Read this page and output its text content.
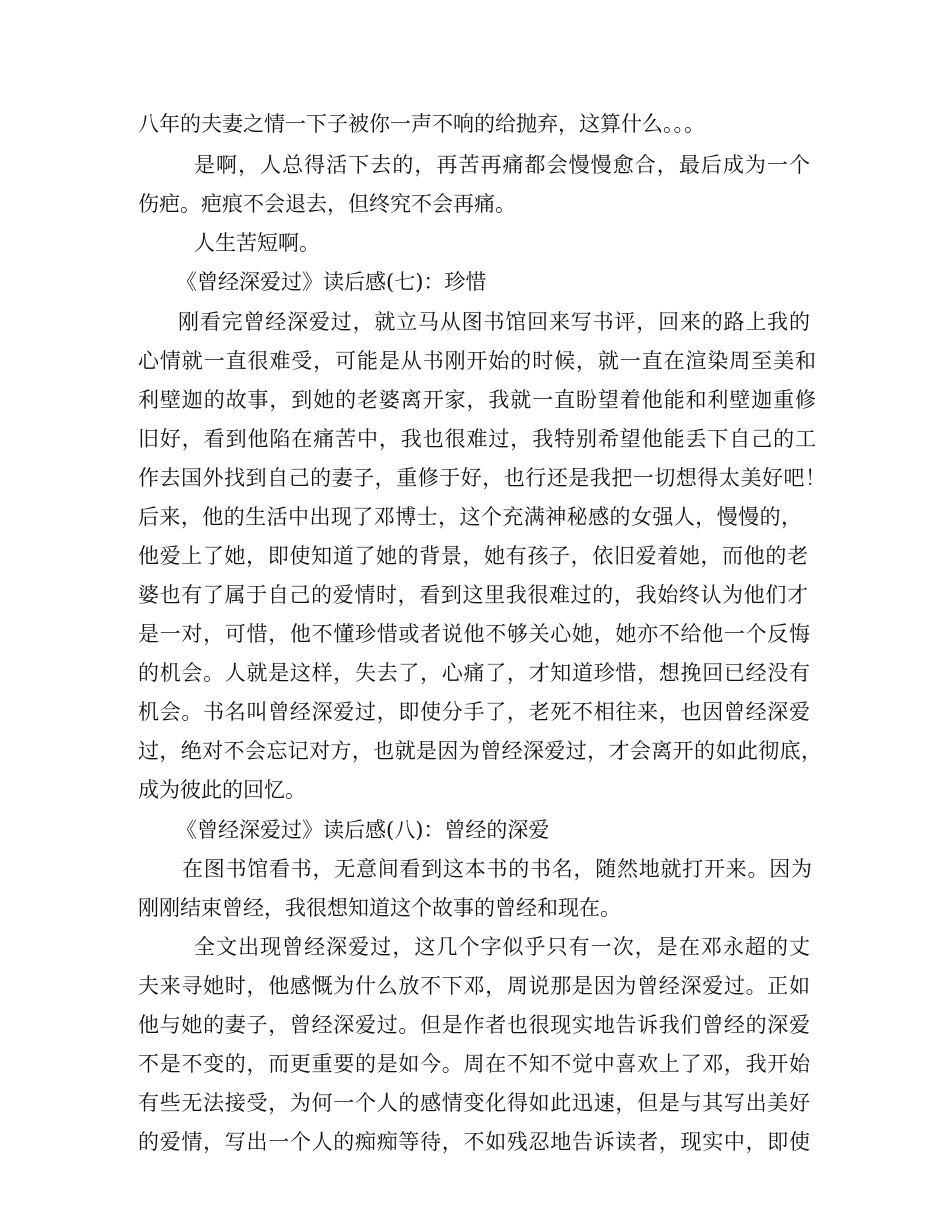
八年的夫妻之情一下子被你一声不响的给抛弃，这算什么。。。
是啊，人总得活下去的，再苦再痛都会慢慢愈合，最后成为一个
伤疤。疤痕不会退去，但终究不会再痛。
人生苦短啊。
《曾经深爱过》读后感(七)：珍惜
刚看完曾经深爱过，就立马从图书馆回来写书评，回来的路上我的
心情就一直很难受，可能是从书刚开始的时候，就一直在渲染周至美和
利壁迦的故事，到她的老婆离开家，我就一直盼望着他能和利壁迦重修
旧好，看到他陷在痛苦中，我也很难过，我特别希望他能丢下自己的工
作去国外找到自己的妻子，重修于好，也行还是我把一切想得太美好吧！
后来，他的生活中出现了邓博士，这个充满神秘感的女强人，慢慢的，
他爱上了她，即使知道了她的背景，她有孩子，依旧爱着她，而他的老
婆也有了属于自己的爱情时，看到这里我很难过的，我始终认为他们才
是一对，可惜，他不懂珍惜或者说他不够关心她，她亦不给他一个反悔
的机会。人就是这样，失去了，心痛了，才知道珍惜，想挽回已经没有
机会。书名叫曾经深爱过，即使分手了，老死不相往来，也因曾经深爱
过，绝对不会忘记对方，也就是因为曾经深爱过，才会离开的如此彻底，
成为彼此的回忆。
《曾经深爱过》读后感(八)：曾经的深爱
在图书馆看书，无意间看到这本书的书名，随然地就打开来。因为
刚刚结束曾经，我很想知道这个故事的曾经和现在。
全文出现曾经深爱过，这几个字似乎只有一次，是在邓永超的丈
夫来寻她时，他感慨为什么放不下邓，周说那是因为曾经深爱过。正如
他与她的妻子，曾经深爱过。但是作者也很现实地告诉我们曾经的深爱
不是不变的，而更重要的是如今。周在不知不觉中喜欢上了邓，我开始
有些无法接受，为何一个人的感情变化得如此迅速，但是与其写出美好
的爱情，写出一个人的痴痴等待，不如残忍地告诉读者，现实中，即使
